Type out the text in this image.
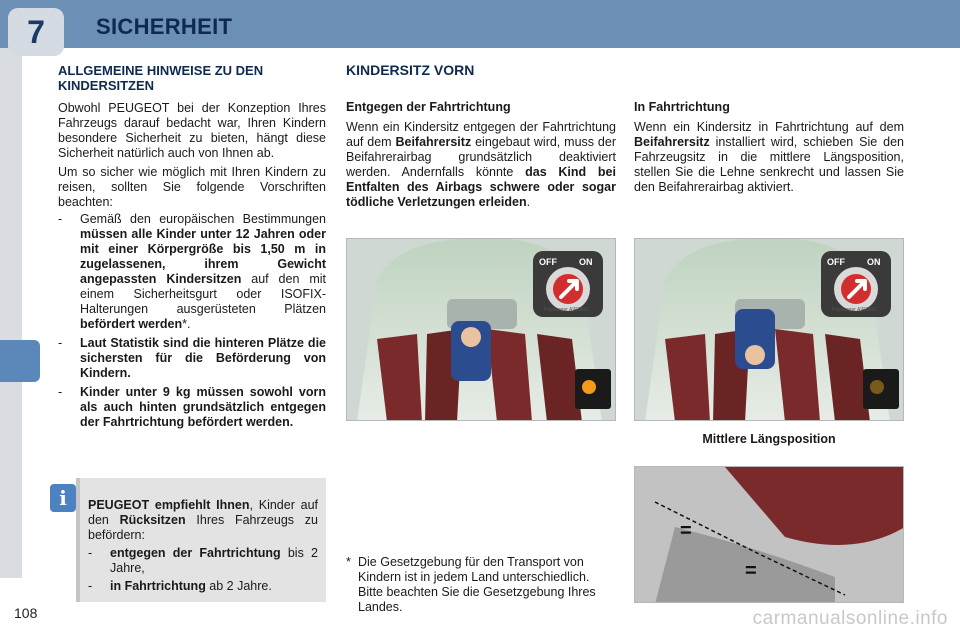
7	SICHERHEIT
ALLGEMEINE HINWEISE ZU DEN KINDERSITZEN

Obwohl PEUGEOT bei der Konzeption Ihres Fahrzeugs darauf bedacht war, Ihren Kindern besondere Sicherheit zu bieten, hängt diese Sicherheit natürlich auch von Ihnen ab.

Um so sicher wie möglich mit Ihren Kindern zu reisen, sollten Sie folgende Vorschriften beachten:

-	Gemäß den europäischen Bestimmungen müssen alle Kinder unter 12 Jahren oder mit einer Körpergröße bis 1,50 m in zugelassenen, ihrem Gewicht angepassten Kindersitzen auf den mit einem Sicherheitsgurt oder ISOFIX-Halterungen ausgerüsteten Plätzen befördert werden*.
-	Laut Statistik sind die hinteren Plätze die sichersten für die Beförderung von Kindern.
-	Kinder unter 9 kg müssen sowohl vorn als auch hinten grundsätzlich entgegen der Fahrtrichtung befördert werden.

PEUGEOT empfiehlt Ihnen, Kinder auf den Rücksitzen Ihres Fahrzeugs zu befördern:

-	entgegen der Fahrtrichtung bis 2 Jahre,
-	in Fahrtrichtung ab 2 Jahre.
i
KINDERSITZ VORN
Entgegen der Fahrtrichtung

Wenn ein Kindersitz entgegen der Fahrtrichtung auf dem Beifahrersitz eingebaut wird, muss der Beifahrerairbag grundsätzlich deaktiviert werden. Andernfalls könnte das Kind bei Entfalten des Airbags schwere oder sogar tödliche Verletzungen erleiden.

In Fahrtrichtung

Wenn ein Kindersitz in Fahrtrichtung auf dem Beifahrersitz installiert wird, schieben Sie den Fahrzeugsitz in die mittlere Längsposition, stellen Sie die Lehne senkrecht und lassen Sie den Beifahrerairbag aktiviert.

OFF ON
Passenger AIRBAG
OFF ON
Passenger AIRBAG
Mittlere Längsposition
=
=
* Die Gesetzgebung für den Transport von Kindern ist in jedem Land unterschiedlich. Bitte beachten Sie die Gesetzgebung Ihres Landes.
108	carmanualsonline.info
